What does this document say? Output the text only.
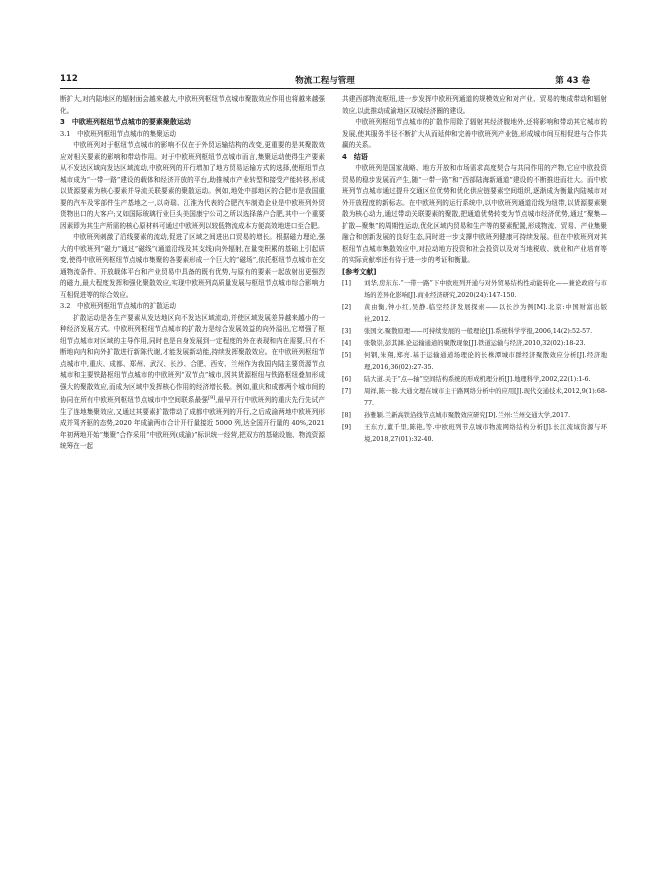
112	物流工程与管理	第 43 卷

断扩大,对内陆地区的辐射面会越来越大,中欧班列枢纽节点城市聚散效应作用也将越来越强化。

3　中欧班列枢纽节点城市的要素聚散运动

3.1　中欧班列枢纽节点城市的集聚运动

中欧班列对于枢纽节点城市的影响不仅在于外贸运输结构的改变,更重要的是其聚散效应对相关要素的影响和带动作用。对于中欧班列枢纽节点城市而言,集聚运动使得生产要素从不发达区域向发达区域流动,中欧班列的开行增加了地方贸易运输方式的选择,使枢纽节点城市成为“一带一路”建设的载体和经济开放的平台,助推城市产业转型和接受产能转移,形成以货源要素为核心要素并导流关联要素的聚散运动。例如,地处中部地区的合肥市是我国重要的汽车及零部件生产基地之一,以奇瑞、江淮为代表的合肥汽车制造企业是中欧班列外贸货物出口的大客户;又如国际玻璃行业巨头美国康宁公司之所以选择落户合肥,其中一个重要因素即为其生产所需的核心原材料可通过中欧班列以较低物流成本方便高效地进口至合肥。

中欧班列刺激了沿线要素的流动,促进了区域之间进出口贸易的增长。根据磁力理论,强大的中欧班列“磁力”通过“磁线”(通道沿线及其支线)向外辐射,在量变积累的基础上引起质变,使得中欧班列枢纽节点城市集聚的各要素形成一个巨大的“磁场”,依托枢纽节点城市在交通物流条件、开放载体平台和产业贸易中具备的既有优势,与原有的要素一起放射出更强烈的磁力,最大程度发挥和强化聚散效应,实现中欧班列高质量发展与枢纽节点城市综合影响力互相促进等的综合效应。

3.2　中欧班列枢纽节点城市的扩散运动

扩散运动是各生产要素从发达地区向不发达区域流动,并使区域发展差异越来越小的一种经济发展方式。中欧班列枢纽节点城市的扩散力是综合发展效益的向外溢出,它增强了枢纽节点城市对区域的主导作用,同时也是自身发展到一定程度的外在表现和内在需要,只有不断地向内和向外扩散进行新陈代谢,才能发展新动能,持续发挥聚散效应。在中欧班列枢纽节点城市中,重庆、成都、郑州、武汉、长沙、合肥、西安、兰州作为我国内陆主要货源节点城市和主要铁路枢纽节点城市的中欧班列“双节点”城市,因其货源枢纽与铁路枢纽叠加形成强大的聚散效应,而成为区域中发挥核心作用的经济增长极。例如,重庆和成都两个城市间的协同在所有中欧班列枢纽节点城市中空间联系最强[9],最早开行中欧班列的重庆先行先试产生了连地集聚效应,又通过其要素扩散带动了成都中欧班列的开行,之后成渝两地中欧班列形成并驾齐驱的态势,2020 年成渝两市合计开行量接近 5000 列,达全国开行量的 40%,2021 年初两地开始“集聚”合作采用“中欧班列(成渝)”标识统一经营,把双方的基础设施、物流资源统筹在一起

共建西部物流枢纽,进一步发挥中欧班列通道的规模效应和对产业、贸易的集成带动和辐射效应,以此推动成渝地区双城经济圈的建设。

中欧班列枢纽节点城市的扩散作用除了辐射其经济腹地外,还将影响和带动其它城市的发展,使其服务半径不断扩大从而延伸和完善中欧班列产业链,形成城市间互相促进与合作共赢的关系。

4　结语

中欧班列是国家战略、地方开放和市场需求高度契合与共同作用的产物,它应中欧投资贸易的稳步发展而产生,随“一带一路”和“西部陆海新通道”建设的不断推进而壮大。而中欧班列节点城市通过提升交通区位优势和优化供应链要素空间组织,逐渐成为衡量内陆城市对外开放程度的新标志。在中欧班列的运行系统中,以中欧班列通道沿线为纽带,以货源要素聚散为核心动力,通过带动关联要素的聚散,把通道优势转变为节点城市经济优势,通过“聚集—扩散—聚集”的周期性运动,优化区域内贸易和生产等的要素配置,形成物流、贸易、产业集聚融合和创新发展的良好生态,同时进一步支撑中欧班列健康可持续发展。但在中欧班列对其枢纽节点城市集散效应中,对拉动地方投资和社会投资以及对当地税收、就业和产业培育等的实际贡献率还有待于进一步的考证和衡量。

[参考文献]

[1]	刘华,房东东.“一带一路”下中欧班列开通与对外贸易结构性动能转化——兼论政府与市场的差异化影响[J].商业经济研究,2020(24):147-150.

[2]	黄由衡,钟小红,吴静.临空经济发展探索——以长沙为例[M].北京:中国财富出版社,2012.

[3]	张国文.聚散原理——可持续发展的一般理论[J].系统科学学报,2006,14(2):52-57.

[4]	张敬崇,彭其渊.论运输通道的聚散现象[J].铁道运输与经济,2010,32(02):18-23.

[5]	何钢,朱翔,郑亮.基于运输通道场理论的长株潭城市群经济聚散效应分析[J].经济地理,2016,36(02):27-35.

[6]	陆大道.关于“点—轴”空间结构系统的形成机理分析[J].地理科学,2002,22(1):1-6.

[7]	周祥,陈一骏.大通文理在城市主干路网络分析中的应用[J].现代交通技术,2012,9(1):68-77.

[8]	孙雅颖.兰新高铁沿线节点城市聚散效应研究[D].兰州:兰州交通大学,2017.

[9]	王东方,董千里,陈艳,等.中欧班列节点城市物流网络结构分析[J].长江流域资源与环境,2018,27(01):32-40.
